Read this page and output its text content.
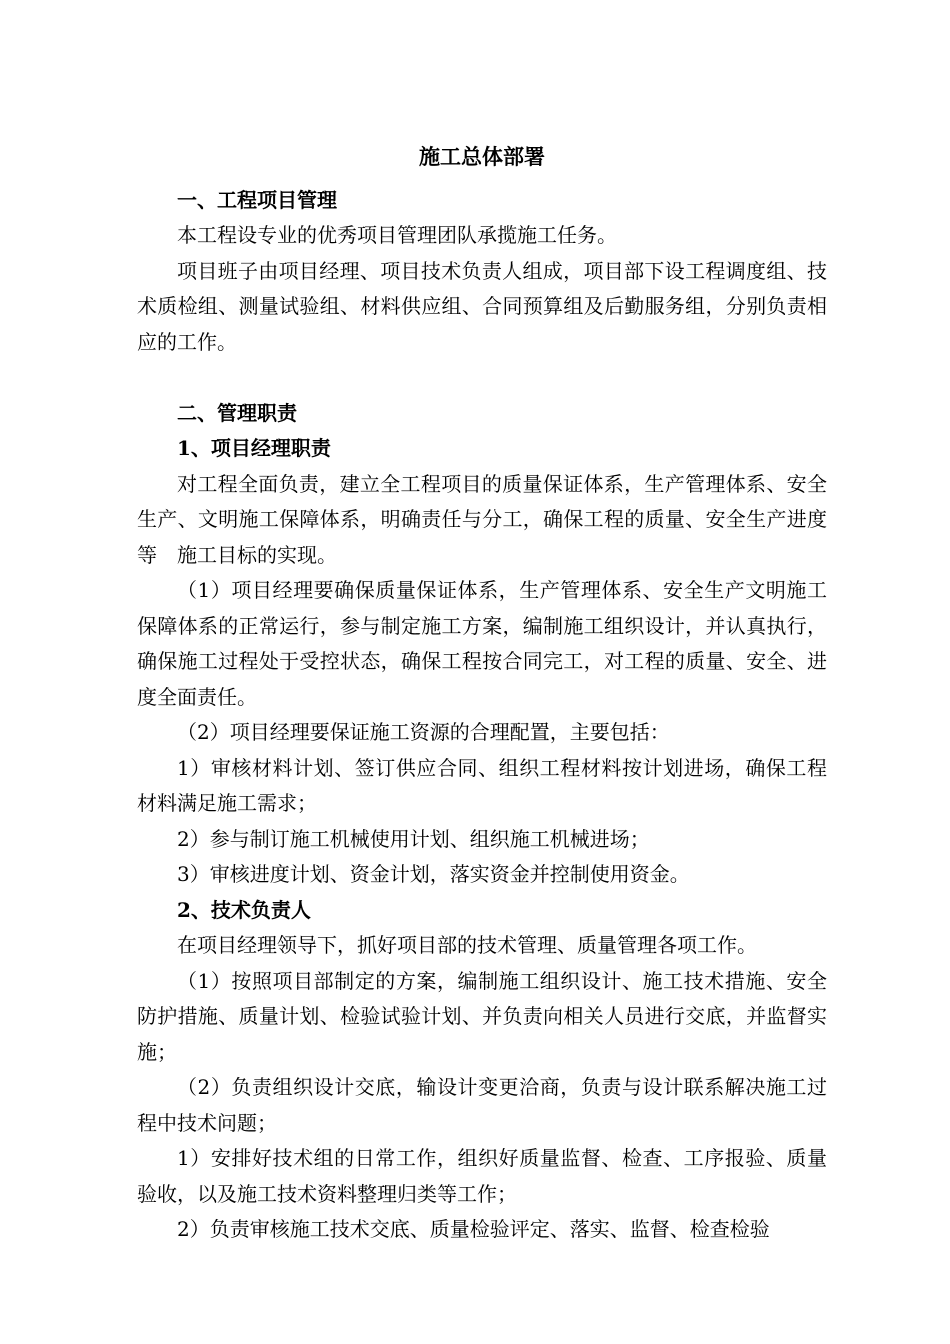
施工总体部署
一、工程项目管理
本工程设专业的优秀项目管理团队承揽施工任务。
项目班子由项目经理、项目技术负责人组成，项目部下设工程调度组、技术质检组、测量试验组、材料供应组、合同预算组及后勤服务组，分别负责相应的工作。
二、管理职责
1、项目经理职责
对工程全面负责，建立全工程项目的质量保证体系，生产管理体系、安全生产、文明施工保障体系，明确责任与分工，确保工程的质量、安全生产进度等　施工目标的实现。
（1）项目经理要确保质量保证体系，生产管理体系、安全生产文明施工保障体系的正常运行，参与制定施工方案，编制施工组织设计，并认真执行，确保施工过程处于受控状态，确保工程按合同完工，对工程的质量、安全、进度全面责任。
（2）项目经理要保证施工资源的合理配置，主要包括：
1）审核材料计划、签订供应合同、组织工程材料按计划进场，确保工程材料满足施工需求；
2）参与制订施工机械使用计划、组织施工机械进场；
3）审核进度计划、资金计划，落实资金并控制使用资金。
2、技术负责人
在项目经理领导下，抓好项目部的技术管理、质量管理各项工作。
（1）按照项目部制定的方案，编制施工组织设计、施工技术措施、安全防护措施、质量计划、检验试验计划、并负责向相关人员进行交底，并监督实施；
（2）负责组织设计交底，输设计变更洽商，负责与设计联系解决施工过程中技术问题；
1）安排好技术组的日常工作，组织好质量监督、检查、工序报验、质量验收，以及施工技术资料整理归类等工作；
2）负责审核施工技术交底、质量检验评定、落实、监督、检查检验
